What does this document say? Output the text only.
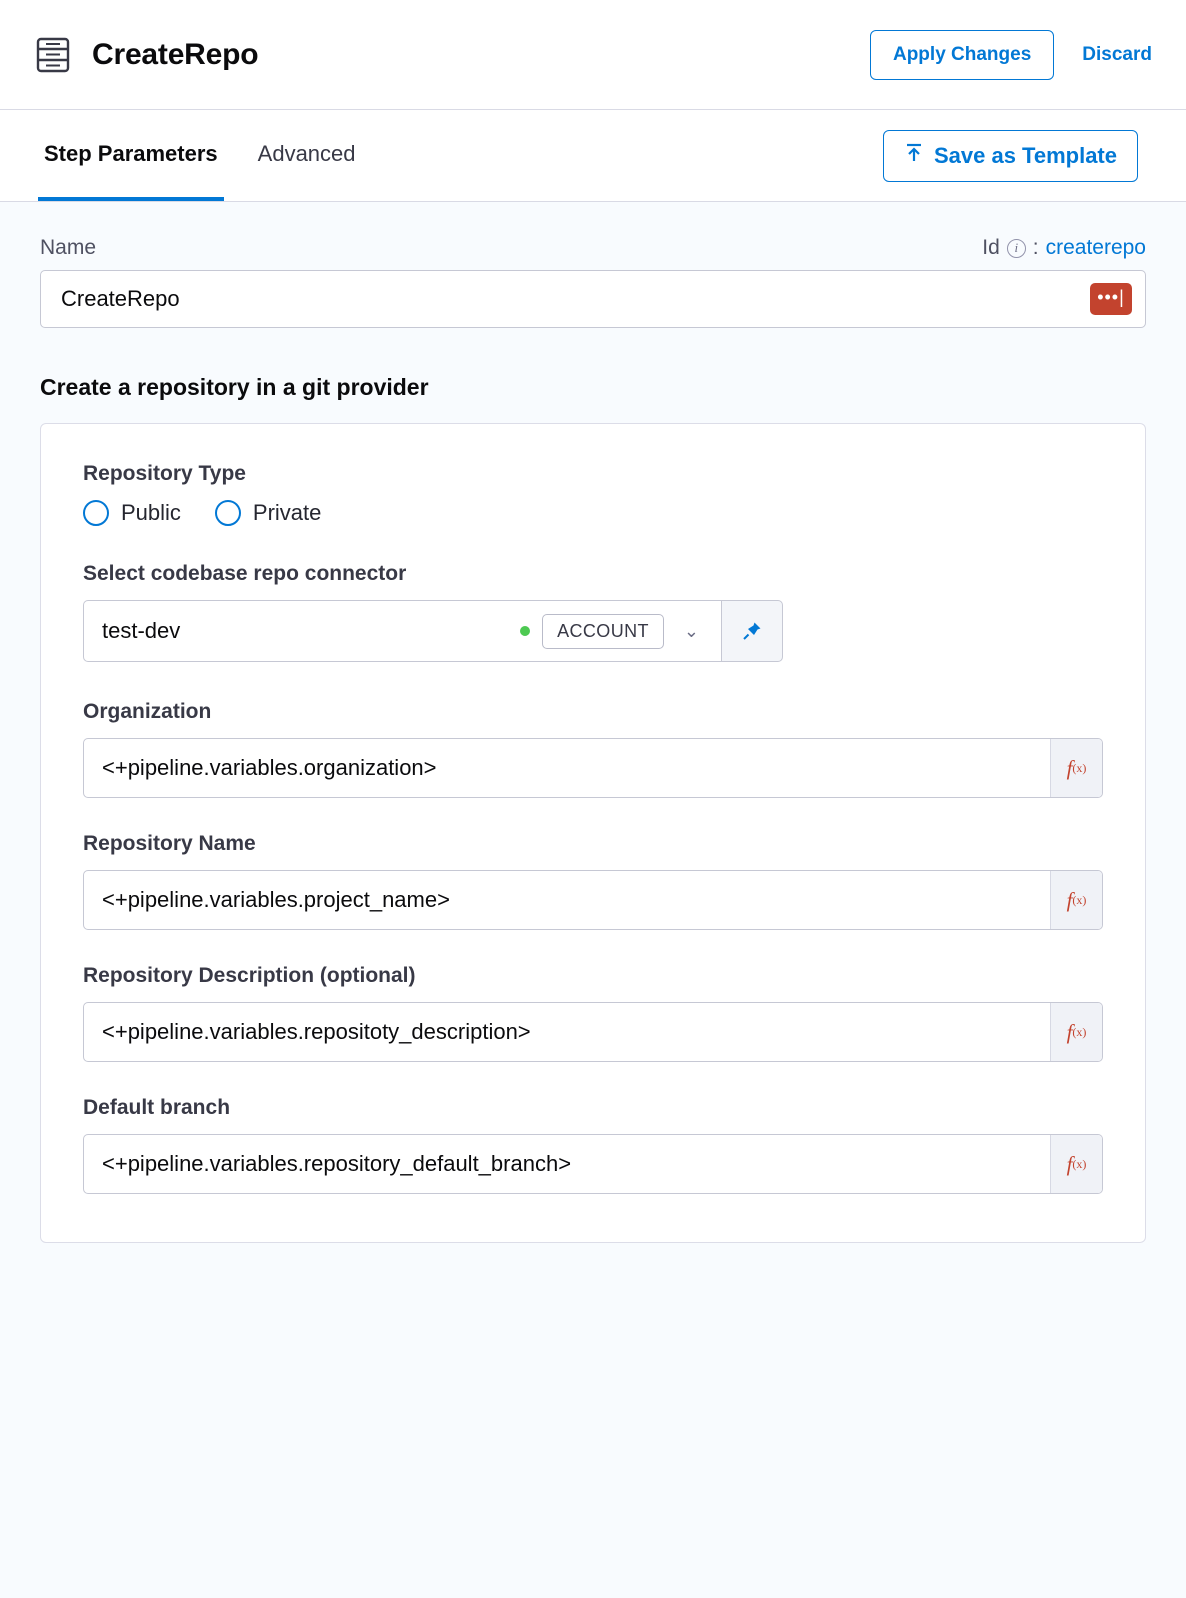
CreateRepo	Apply Changes	Discard
Step Parameters Advanced	Save as Template
Name	Id	i : createrepo
CreateRepo
•••|
Create a repository in a git provider
Repository Type
Public	Private
Select codebase repo connector
test-dev	ACCOUNT	⌄
Organization
<+pipeline.variables.organization>
f (x)
Repository Name
<+pipeline.variables.project_name>
f (x)
Repository Description (optional)
<+pipeline.variables.repositoty_description>
f (x)
Default branch
<+pipeline.variables.repository_default_branch>
f (x)
